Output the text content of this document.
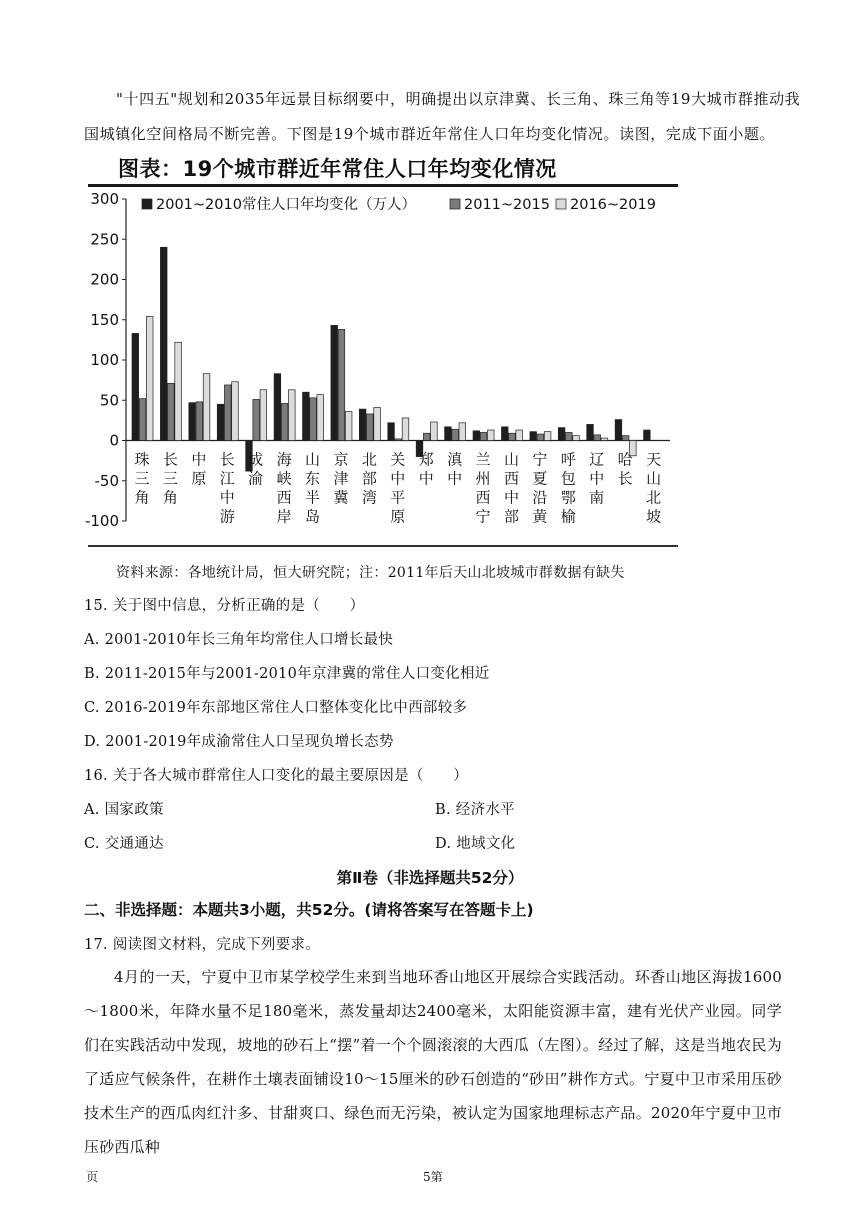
"十四五"规划和2035年远景目标纲要中，明确提出以京津冀、长三角、珠三角等19大城市群推动我
国城镇化空间格局不断完善。下图是19个城市群近年常住人口年均变化情况。读图，完成下面小题。
图表：19个城市群近年常住人口年均变化情况
300
250
200
150
100
50
0
-50
-100
珠
三
角
长
三
角
中
原
长
江
中
游
成
渝
海
峡
西
岸
山
东
半
岛
京
津
冀
北
部
湾
关
中
平
原
郑
中
滇
中
兰
州
西
宁
山
西
中
部
宁
夏
沿
黄
呼
包
鄂
榆
辽
中
南
哈
长
天
山
北
坡
2001~2010常住人口年均变化（万人）	2011~2015 2016~2019
资料来源：各地统计局，恒大研究院；注：2011年后天山北坡城市群数据有缺失
15. 关于图中信息，分析正确的是（　　）
A. 2001-2010年长三角年均常住人口增长最快
B. 2011-2015年与2001-2010年京津冀的常住人口变化相近
C. 2016-2019年东部地区常住人口整体变化比中西部较多
D. 2001-2019年成渝常住人口呈现负增长态势
16. 关于各大城市群常住人口变化的最主要原因是（　　）
A. 国家政策	B. 经济水平
C. 交通通达	D. 地域文化
第Ⅱ卷（非选择题共52分）
二、非选择题：本题共3小题，共52分。(请将答案写在答题卡上)
17. 阅读图文材料，完成下列要求。
4月的一天，宁夏中卫市某学校学生来到当地环香山地区开展综合实践活动。环香山地区海拔1600～1800米，年降水量不足180毫米，蒸发量却达2400毫米，太阳能资源丰富，建有光伏产业园。同学们在实践活动中发现，坡地的砂石上“摆”着一个个圆滚滚的大西瓜（左图）。经过了解，这是当地农民为了适应气候条件，在耕作土壤表面铺设10～15厘米的砂石创造的“砂田”耕作方式。宁夏中卫市采用压砂技术生产的西瓜肉红汁多、甘甜爽口、绿色而无污染，被认定为国家地理标志产品。2020年宁夏中卫市压砂西瓜种
页	5第
